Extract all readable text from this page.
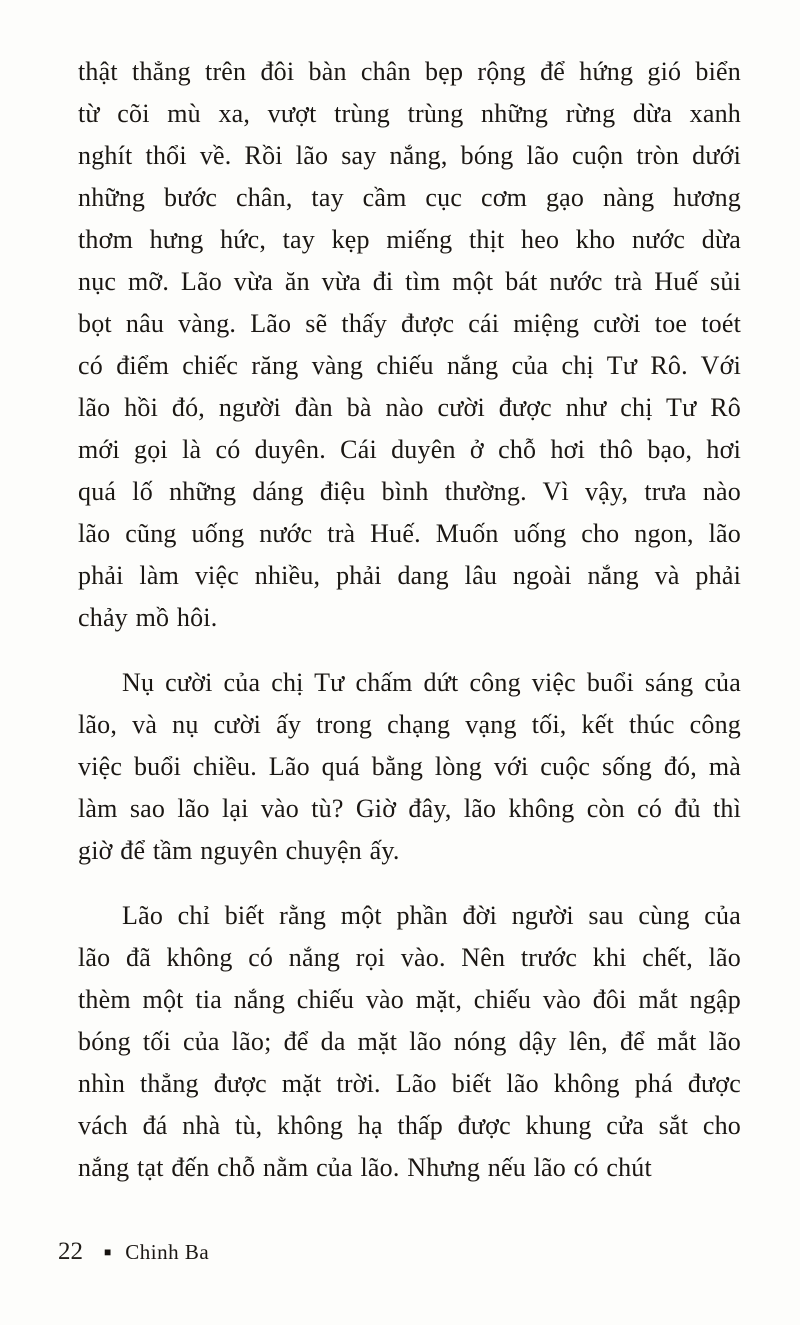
thật thẳng trên đôi bàn chân bẹp rộng để hứng gió biển
từ cõi mù xa, vượt trùng trùng những rừng dừa xanh
nghít thổi về. Rồi lão say nắng, bóng lão cuộn tròn dưới
những bước chân, tay cầm cục cơm gạo nàng hương
thơm hưng hức, tay kẹp miếng thịt heo kho nước dừa
nục mỡ. Lão vừa ăn vừa đi tìm một bát nước trà Huế sủi
bọt nâu vàng. Lão sẽ thấy được cái miệng cười toe toét
có điểm chiếc răng vàng chiếu nắng của chị Tư Rô. Với
lão hồi đó, người đàn bà nào cười được như chị Tư Rô
mới gọi là có duyên. Cái duyên ở chỗ hơi thô bạo, hơi
quá lố những dáng điệu bình thường. Vì vậy, trưa nào
lão cũng uống nước trà Huế. Muốn uống cho ngon, lão
phải làm việc nhiều, phải dang lâu ngoài nắng và phải
chảy mồ hôi.
Nụ cười của chị Tư chấm dứt công việc buổi sáng của
lão, và nụ cười ấy trong chạng vạng tối, kết thúc công
việc buổi chiều. Lão quá bằng lòng với cuộc sống đó, mà
làm sao lão lại vào tù? Giờ đây, lão không còn có đủ thì
giờ để tầm nguyên chuyện ấy.
Lão chỉ biết rằng một phần đời người sau cùng của
lão đã không có nắng rọi vào. Nên trước khi chết, lão
thèm một tia nắng chiếu vào mặt, chiếu vào đôi mắt ngập
bóng tối của lão; để da mặt lão nóng dậy lên, để mắt lão
nhìn thẳng được mặt trời. Lão biết lão không phá được
vách đá nhà tù, không hạ thấp được khung cửa sắt cho
nắng tạt đến chỗ nằm của lão. Nhưng nếu lão có chút
22 ■ Chinh Ba
